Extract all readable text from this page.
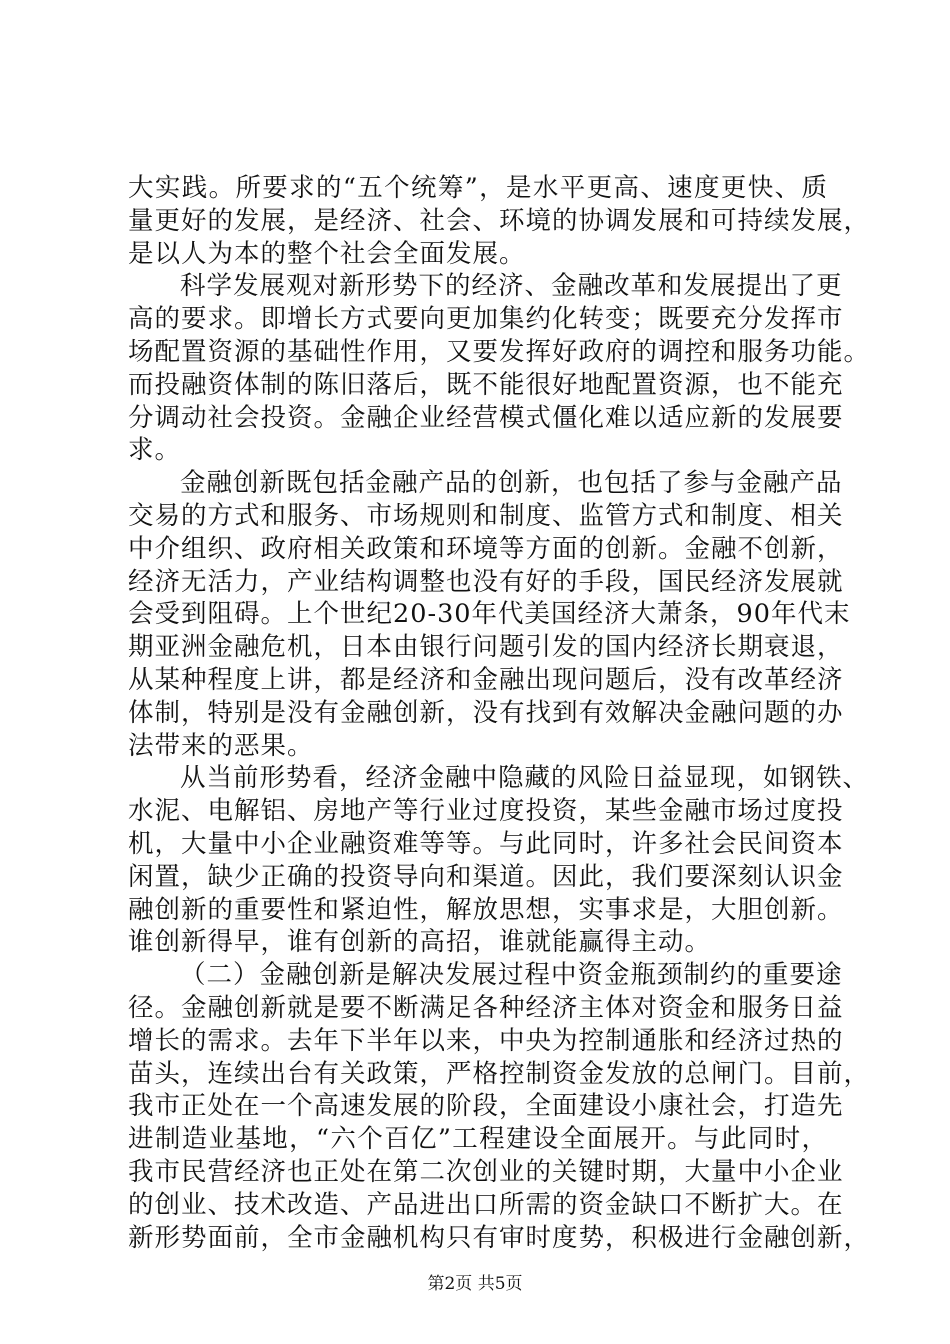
大实践。所要求的“五个统筹”，是水平更高、速度更快、质
量更好的发展，是经济、社会、环境的协调发展和可持续发展，
是以人为本的整个社会全面发展。
科学发展观对新形势下的经济、金融改革和发展提出了更
高的要求。即增长方式要向更加集约化转变；既要充分发挥市
场配置资源的基础性作用，又要发挥好政府的调控和服务功能。
而投融资体制的陈旧落后，既不能很好地配置资源，也不能充
分调动社会投资。金融企业经营模式僵化难以适应新的发展要
求。
金融创新既包括金融产品的创新，也包括了参与金融产品
交易的方式和服务、市场规则和制度、监管方式和制度、相关
中介组织、政府相关政策和环境等方面的创新。金融不创新，
经济无活力，产业结构调整也没有好的手段，国民经济发展就
会受到阻碍。上个世纪20-30年代美国经济大萧条，90年代末
期亚洲金融危机，日本由银行问题引发的国内经济长期衰退，
从某种程度上讲，都是经济和金融出现问题后，没有改革经济
体制，特别是没有金融创新，没有找到有效解决金融问题的办
法带来的恶果。
从当前形势看，经济金融中隐藏的风险日益显现，如钢铁、
水泥、电解铝、房地产等行业过度投资，某些金融市场过度投
机，大量中小企业融资难等等。与此同时，许多社会民间资本
闲置，缺少正确的投资导向和渠道。因此，我们要深刻认识金
融创新的重要性和紧迫性，解放思想，实事求是，大胆创新。
谁创新得早，谁有创新的高招，谁就能赢得主动。
（二）金融创新是解决发展过程中资金瓶颈制约的重要途
径。金融创新就是要不断满足各种经济主体对资金和服务日益
增长的需求。去年下半年以来，中央为控制通胀和经济过热的
苗头，连续出台有关政策，严格控制资金发放的总闸门。目前，
我市正处在一个高速发展的阶段，全面建设小康社会，打造先
进制造业基地，“六个百亿”工程建设全面展开。与此同时，
我市民营经济也正处在第二次创业的关键时期，大量中小企业
的创业、技术改造、产品进出口所需的资金缺口不断扩大。在
新形势面前，全市金融机构只有审时度势，积极进行金融创新，
第2页 共5页
